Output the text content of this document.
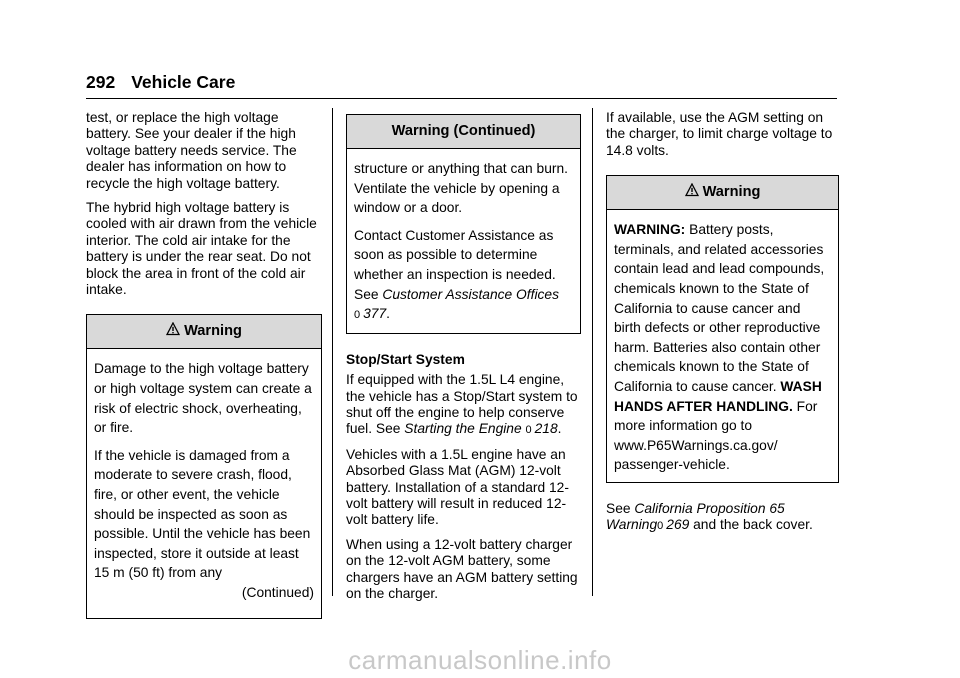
292 Vehicle Care

test, or replace the high voltage battery. See your dealer if the high voltage battery needs service. The dealer has information on how to recycle the high voltage battery.

The hybrid high voltage battery is cooled with air drawn from the vehicle interior. The cold air intake for the battery is under the rear seat. Do not block the area in front of the cold air intake.

Warning

Damage to the high voltage battery or high voltage system can create a risk of electric shock, overheating, or fire.

If the vehicle is damaged from a moderate to severe crash, flood, fire, or other event, the vehicle should be inspected as soon as possible. Until the vehicle has been inspected, store it outside at least 15 m (50 ft) from any

(Continued)

Warning (Continued)

structure or anything that can burn. Ventilate the vehicle by opening a window or a door.

Contact Customer Assistance as soon as possible to determine whether an inspection is needed. See Customer Assistance Offices
0 377.

Stop/Start System

If equipped with the 1.5L L4 engine, the vehicle has a Stop/Start system to shut off the engine to help conserve fuel. See Starting the Engine 0 218.

Vehicles with a 1.5L engine have an Absorbed Glass Mat (AGM) 12-volt battery. Installation of a standard 12-volt battery will result in reduced 12-volt battery life.

When using a 12-volt battery charger on the 12-volt AGM battery, some chargers have an AGM battery setting on the charger.

If available, use the AGM setting on the charger, to limit charge voltage to 14.8 volts.

Warning

WARNING: Battery posts, terminals, and related accessories contain lead and lead compounds, chemicals known to the State of California to cause cancer and birth defects or other reproductive harm. Batteries also contain other chemicals known to the State of California to cause cancer. WASH HANDS AFTER HANDLING. For more information go to www.P65Warnings.ca.gov/ passenger-vehicle.

See California Proposition 65 Warning0 269 and the back cover.

carmanualsonline.info
